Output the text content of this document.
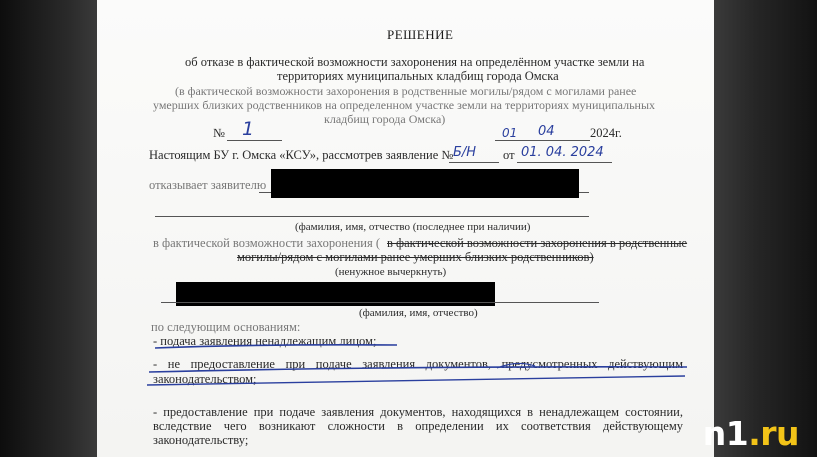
РЕШЕНИЕ
об отказе в фактической возможности захоронения на определённом участке земли на
территориях муниципальных кладбищ города Омска
(в фактической возможности захоронения в родственные могилы/рядом с могилами ранее
умерших близких родственников на определенном участке земли на территориях муниципальных
кладбищ города Омска)
№ 1	01 04	2024г.
Настоящим БУ г. Омска «КСУ», рассмотрев заявление № Б/Н от 01. 04. 2024
отказывает заявителю
(фамилия, имя, отчество (последнее при наличии)
в фактической возможности захоронения ( в фактической возможности захоронения в родственные
могилы/рядом с могилами ранее умерших близких родственников)
(ненужное вычеркнуть)
(фамилия, имя, отчество)
по следующим основаниям:
- подача заявления ненадлежащим лицом;
- не предоставление при подаче заявления документов, предусмотренных действующим
законодательством;
- предоставление при подаче заявления документов, находящихся в ненадлежащем состоянии,
вследствие чего возникают сложности в определении их соответствия действующему
законодательству;	n1.ru
